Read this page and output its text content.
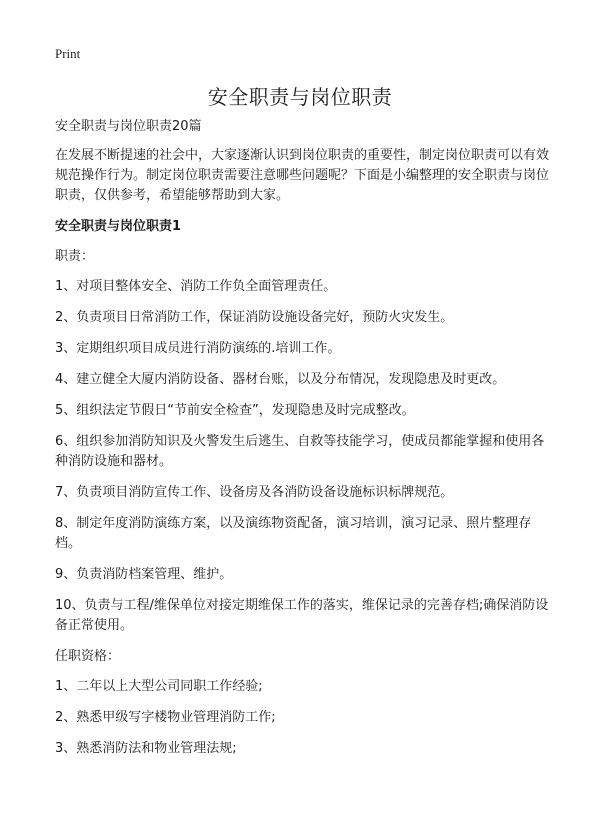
Print
安全职责与岗位职责

安全职责与岗位职责20篇

在发展不断提速的社会中，大家逐渐认识到岗位职责的重要性，制定岗位职责可以有效规范操作行为。制定岗位职责需要注意哪些问题呢？下面是小编整理的安全职责与岗位职责，仅供参考，希望能够帮助到大家。

安全职责与岗位职责1

职责：

1、对项目整体安全、消防工作负全面管理责任。
2、负责项目日常消防工作，保证消防设施设备完好，预防火灾发生。
3、定期组织项目成员进行消防演练的.培训工作。
4、建立健全大厦内消防设备、器材台账，以及分布情况，发现隐患及时更改。
5、组织法定节假日“节前安全检查”，发现隐患及时完成整改。
6、组织参加消防知识及火警发生后逃生、自救等技能学习，使成员都能掌握和使用各种消防设施和器材。
7、负责项目消防宣传工作、设备房及各消防设备设施标识标牌规范。
8、制定年度消防演练方案，以及演练物资配备，演习培训，演习记录、照片整理存档。
9、负责消防档案管理、维护。
10、负责与工程/维保单位对接定期维保工作的落实，维保记录的完善存档;确保消防设备正常使用。

任职资格：

1、二年以上大型公司同职工作经验;
2、熟悉甲级写字楼物业管理消防工作;
3、熟悉消防法和物业管理法规;
